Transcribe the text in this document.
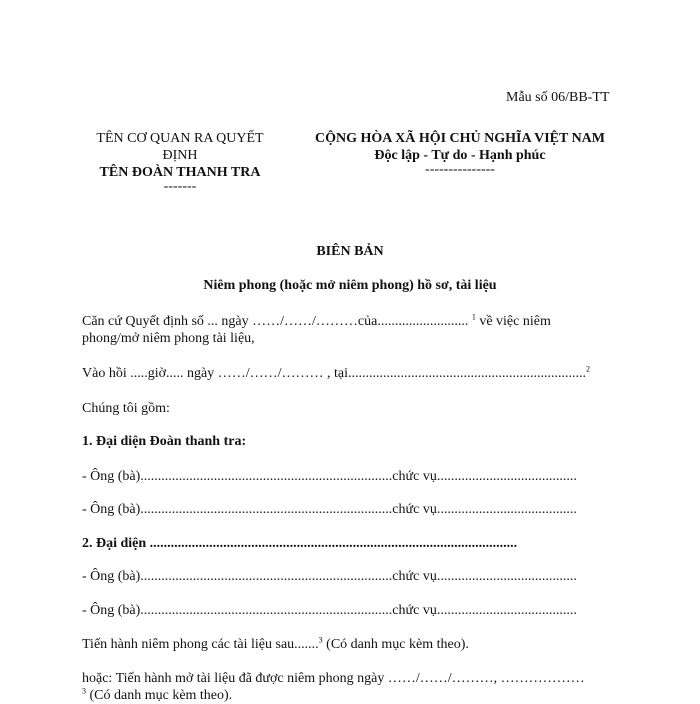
Mẫu số 06/BB-TT
TÊN CƠ QUAN RA QUYẾT
ĐỊNH
TÊN ĐOÀN THANH TRA
-------
CỘNG HÒA XÃ HỘI CHỦ NGHĨA VIỆT NAM
Độc lập - Tự do - Hạnh phúc
---------------
BIÊN BẢN
Niêm phong (hoặc mở niêm phong) hồ sơ, tài liệu
Căn cứ Quyết định số ... ngày ……/……/………của.......................... $^1$ về việc niêm
phong/mở niêm phong tài liệu,
Vào hồi .....giờ..... ngày ……/……/……… , tại....................................................................$^2$
Chúng tôi gồm:
1. Đại diện Đoàn thanh tra:
- Ông (bà)........................................................................chức vụ........................................
- Ông (bà)........................................................................chức vụ........................................
2. Đại diện .........................................................................................................
- Ông (bà)........................................................................chức vụ........................................
- Ông (bà)........................................................................chức vụ........................................
Tiến hành niêm phong các tài liệu sau.......$^3$ (Có danh mục kèm theo).
hoặc: Tiến hành mở tài liệu đã được niêm phong ngày ……/……/………, ………………
$^3$ (Có danh mục kèm theo).
